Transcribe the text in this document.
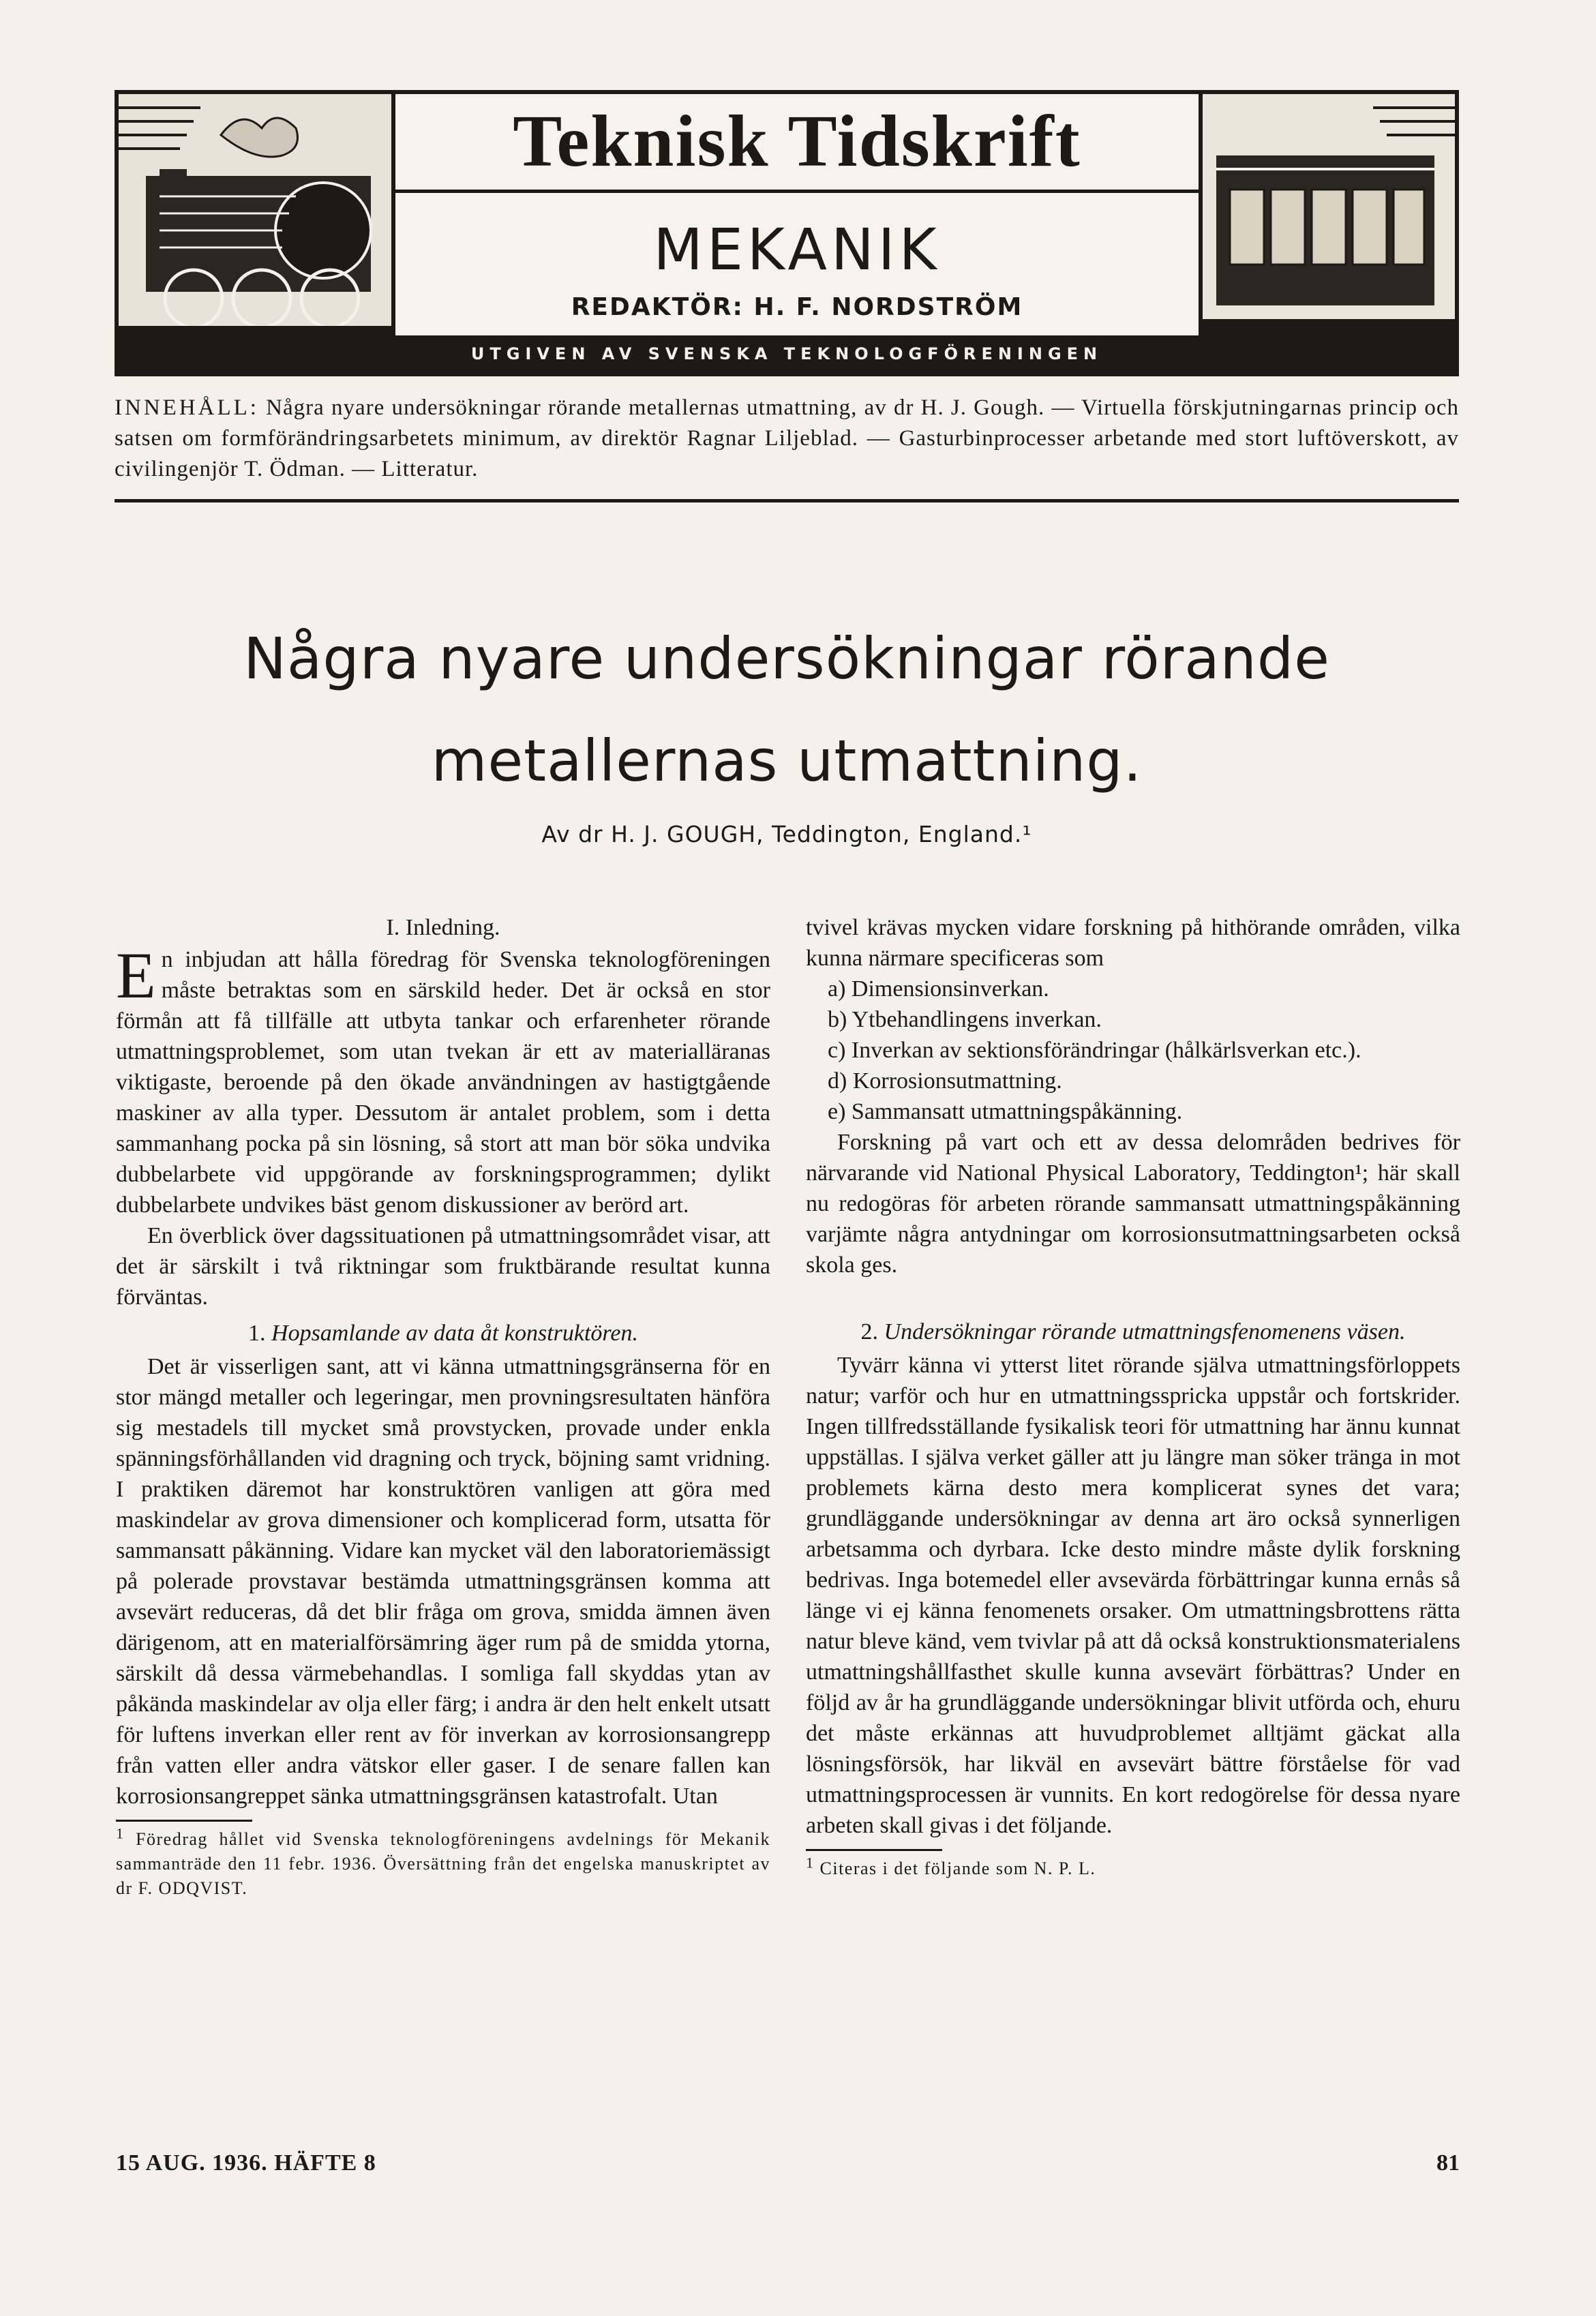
Teknisk Tidskrift
MEKANIK
REDAKTÖR: H. F. NORDSTRÖM
UTGIVEN AV SVENSKA TEKNOLOGFÖRENINGEN
INNEHÅLL: Några nyare undersökningar rörande metallernas utmattning, av dr H. J. Gough. — Virtuella förskjutningarnas princip och satsen om formförändringsarbetets minimum, av direktör Ragnar Liljeblad. — Gasturbinprocesser arbetande med stort luftöverskott, av civilingenjör T. Ödman. — Litteratur.
Några nyare undersökningar rörande
metallernas utmattning.
Av dr H. J. GOUGH, Teddington, England.¹
I. Inledning.

En inbjudan att hålla föredrag för Svenska teknologföreningen måste betraktas som en särskild heder. Det är också en stor förmån att få tillfälle att utbyta tankar och erfarenheter rörande utmattningsproblemet, som utan tvekan är ett av materialläranas viktigaste, beroende på den ökade användningen av hastigtgående maskiner av alla typer. Dessutom är antalet problem, som i detta sammanhang pocka på sin lösning, så stort att man bör söka undvika dubbelarbete vid uppgörande av forskningsprogrammen; dylikt dubbelarbete undvikes bäst genom diskussioner av berörd art.

En överblick över dagssituationen på utmattningsområdet visar, att det är särskilt i två riktningar som fruktbärande resultat kunna förväntas.

1. Hopsamlande av data åt konstruktören.

Det är visserligen sant, att vi känna utmattningsgränserna för en stor mängd metaller och legeringar, men provningsresultaten hänföra sig mestadels till mycket små provstycken, provade under enkla spänningsförhållanden vid dragning och tryck, böjning samt vridning. I praktiken däremot har konstruktören vanligen att göra med maskindelar av grova dimensioner och komplicerad form, utsatta för sammansatt påkänning. Vidare kan mycket väl den laboratoriemässigt på polerade provstavar bestämda utmattningsgränsen komma att avsevärt reduceras, då det blir fråga om grova, smidda ämnen även därigenom, att en materialförsämring äger rum på de smidda ytorna, särskilt då dessa värmebehandlas. I somliga fall skyddas ytan av påkända maskindelar av olja eller färg; i andra är den helt enkelt utsatt för luftens inverkan eller rent av för inverkan av korrosionsangrepp från vatten eller andra vätskor eller gaser. I de senare fallen kan korrosionsangreppet sänka utmattningsgränsen katastrofalt. Utan

$^1$ Föredrag hållet vid Svenska teknologföreningens avdelnings för Mekanik sammanträde den 11 febr. 1936. Översättning från det engelska manuskriptet av dr F. ODQVIST.

tvivel krävas mycken vidare forskning på hithörande områden, vilka kunna närmare specificeras som

a) Dimensionsinverkan.
b) Ytbehandlingens inverkan.
c) Inverkan av sektionsförändringar (hålkärlsverkan etc.).
d) Korrosionsutmattning.
e) Sammansatt utmattningspåkänning.

Forskning på vart och ett av dessa delområden bedrives för närvarande vid National Physical Laboratory, Teddington¹; här skall nu redogöras för arbeten rörande sammansatt utmattningspåkänning varjämte några antydningar om korrosionsutmattningsarbeten också skola ges.

2. Undersökningar rörande utmattningsfenomenens väsen.

Tyvärr känna vi ytterst litet rörande själva utmattningsförloppets natur; varför och hur en utmattningsspricka uppstår och fortskrider. Ingen tillfredsställande fysikalisk teori för utmattning har ännu kunnat uppställas. I själva verket gäller att ju längre man söker tränga in mot problemets kärna desto mera komplicerat synes det vara; grundläggande undersökningar av denna art äro också synnerligen arbetsamma och dyrbara. Icke desto mindre måste dylik forskning bedrivas. Inga botemedel eller avsevärda förbättringar kunna ernås så länge vi ej känna fenomenets orsaker. Om utmattningsbrottens rätta natur bleve känd, vem tvivlar på att då också konstruktionsmaterialens utmattningshållfasthet skulle kunna avsevärt förbättras? Under en följd av år ha grundläggande undersökningar blivit utförda och, ehuru det måste erkännas att huvudproblemet alltjämt gäckat alla lösningsförsök, har likväl en avsevärt bättre förståelse för vad utmattningsprocessen är vunnits. En kort redogörelse för dessa nyare arbeten skall givas i det följande.

$^1$ Citeras i det följande som N. P. L.
15 AUG. 1936. HÄFTE 8	81
